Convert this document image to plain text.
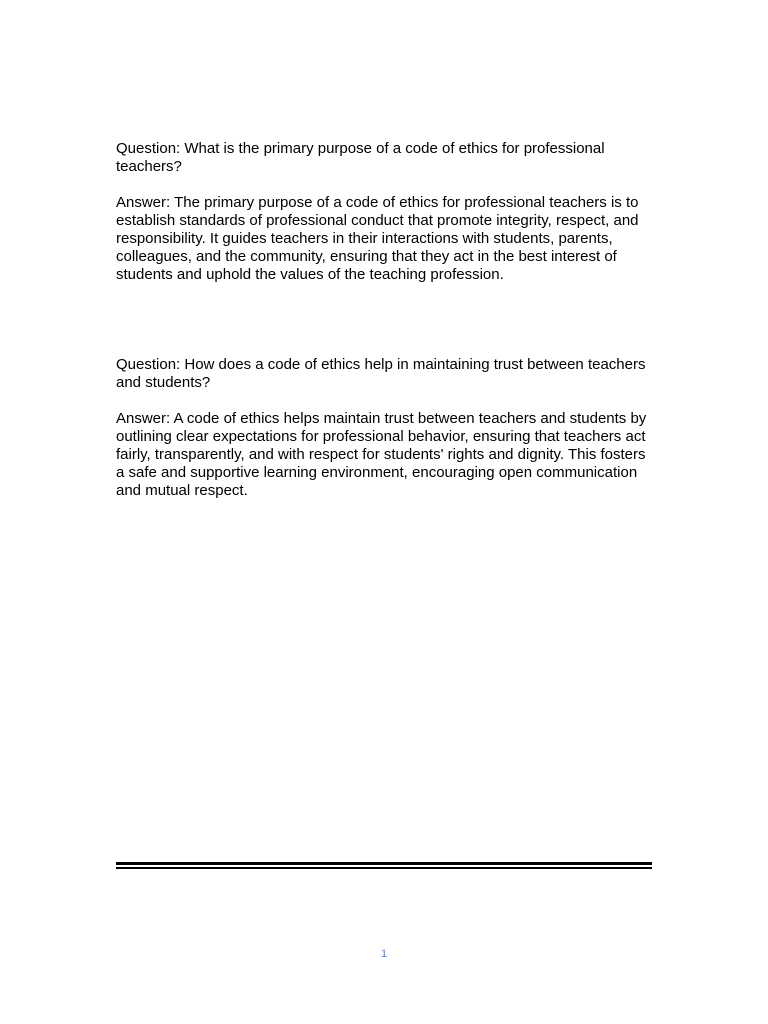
Question: What is the primary purpose of a code of ethics for professional teachers?

Answer: The primary purpose of a code of ethics for professional teachers is to establish standards of professional conduct that promote integrity, respect, and responsibility. It guides teachers in their interactions with students, parents, colleagues, and the community, ensuring that they act in the best interest of students and uphold the values of the teaching profession.

Question: How does a code of ethics help in maintaining trust between teachers and students?

Answer: A code of ethics helps maintain trust between teachers and students by outlining clear expectations for professional behavior, ensuring that teachers act fairly, transparently, and with respect for students' rights and dignity. This fosters a safe and supportive learning environment, encouraging open communication and mutual respect.

1
